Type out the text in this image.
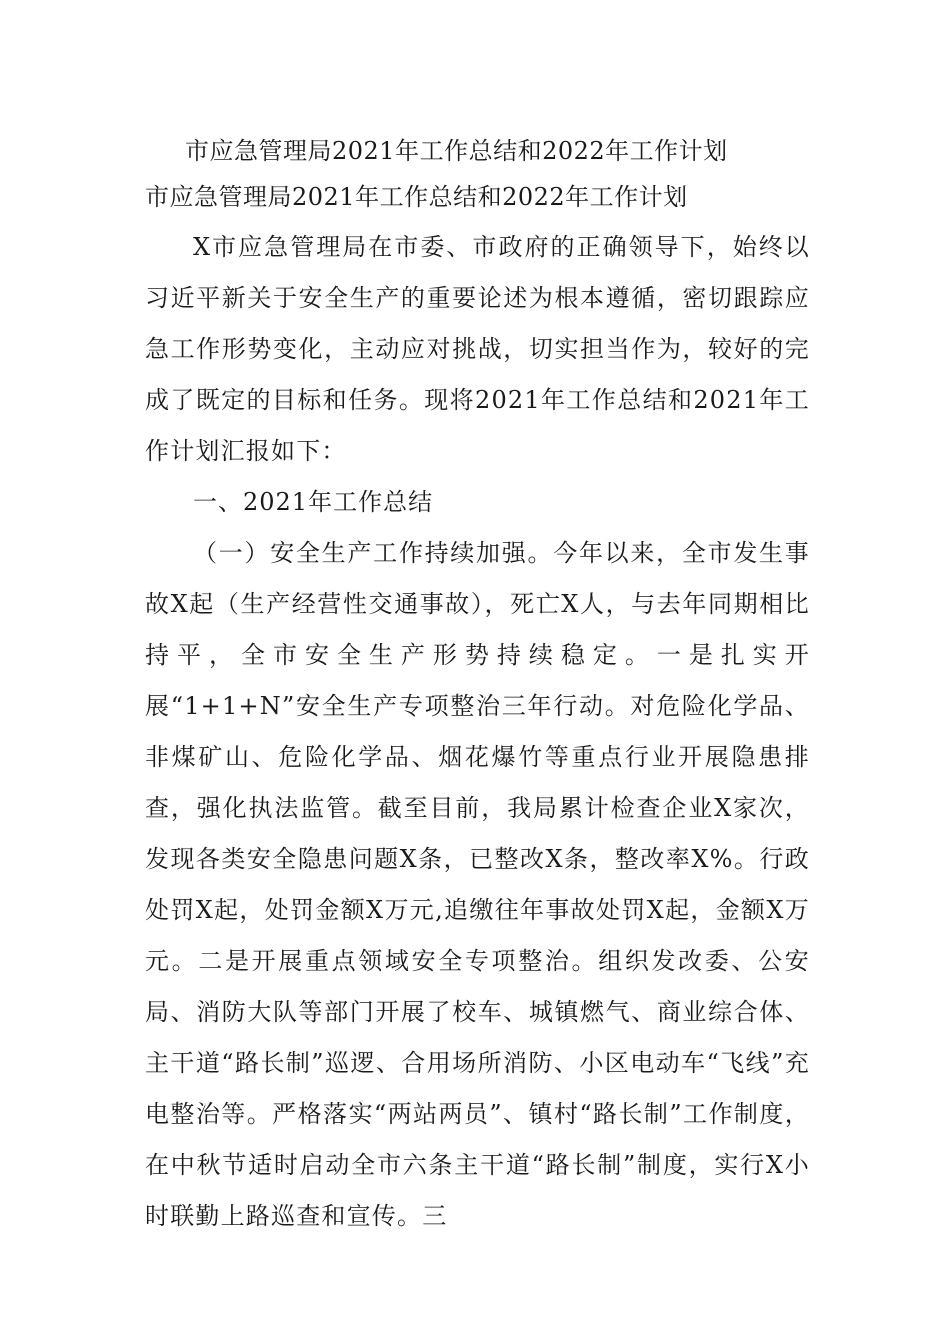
市应急管理局2021年工作总结和2022年工作计划

市应急管理局2021年工作总结和2022年工作计划

X市应急管理局在市委、市政府的正确领导下，始终以习近平新关于安全生产的重要论述为根本遵循，密切跟踪应急工作形势变化，主动应对挑战，切实担当作为，较好的完成了既定的目标和任务。现将2021年工作总结和2021年工作计划汇报如下：

一、2021年工作总结

（一）安全生产工作持续加强。今年以来，全市发生事故X起（生产经营性交通事故），死亡X人，与去年同期相比持平，全市安全生产形势持续稳定。一是扎实开展“1+1+N”安全生产专项整治三年行动。对危险化学品、非煤矿山、危险化学品、烟花爆竹等重点行业开展隐患排查，强化执法监管。截至目前，我局累计检查企业X家次，发现各类安全隐患问题X条，已整改X条，整改率X%。行政处罚X起，处罚金额X万元,追缴往年事故处罚X起，金额X万元。二是开展重点领域安全专项整治。组织发改委、公安局、消防大队等部门开展了校车、城镇燃气、商业综合体、主干道“路长制”巡逻、合用场所消防、小区电动车“飞线”充电整治等。严格落实“两站两员”、镇村“路长制”工作制度，在中秋节适时启动全市六条主干道“路长制”制度，实行X小时联勤上路巡查和宣传。三
